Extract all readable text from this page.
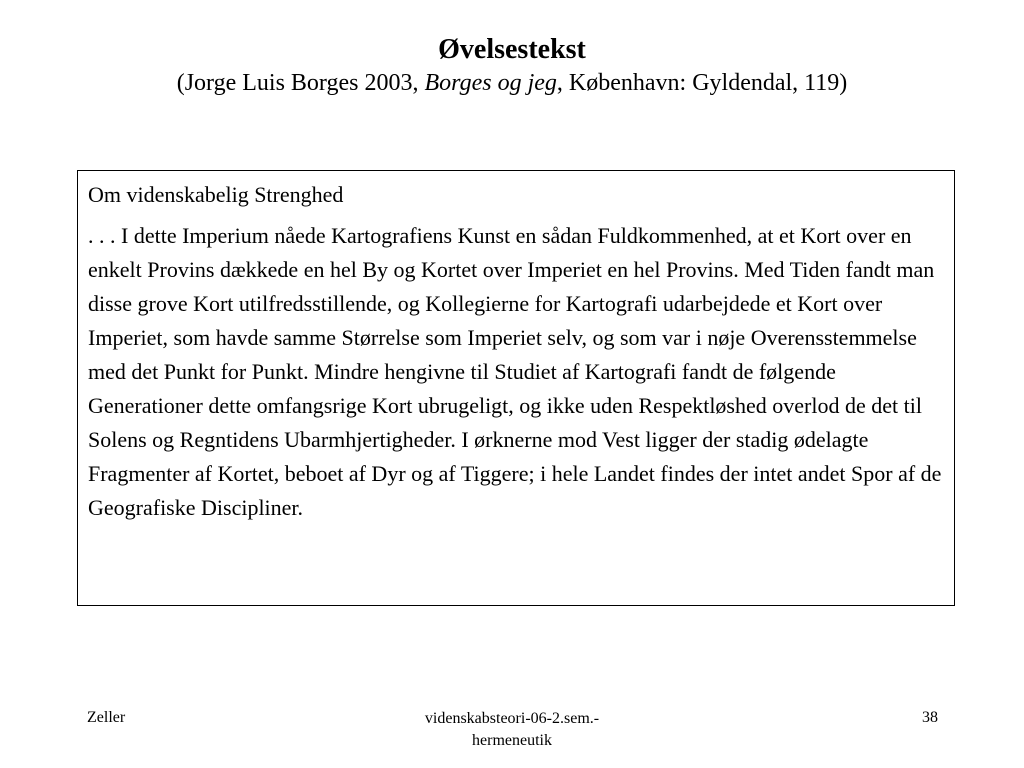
Øvelsestekst

(Jorge Luis Borges 2003, Borges og jeg, København: Gyldendal, 119)

Om videnskabelig Strenghed

. . . I dette Imperium nåede Kartografiens Kunst en sådan Fuldkommenhed, at et Kort over en enkelt Provins dækkede en hel By og Kortet over Imperiet en hel Provins. Med Tiden fandt man disse grove Kort utilfredsstillende, og Kollegierne for Kartografi udarbejdede et Kort over Imperiet, som havde samme Størrelse som Imperiet selv, og som var i nøje Overensstemmelse med det Punkt for Punkt. Mindre hengivne til Studiet af Kartografi fandt de følgende Generationer dette omfangsrige Kort ubrugeligt, og ikke uden Respektløshed overlod de det til Solens og Regntidens Ubarmhjertigheder. I ørknerne mod Vest ligger der stadig ødelagte Fragmenter af Kortet, beboet af Dyr og af Tiggere; i hele Landet findes der intet andet Spor af de Geografiske Discipliner.

Zeller	videnskabsteori-06-2.sem.-
hermeneutik
38
